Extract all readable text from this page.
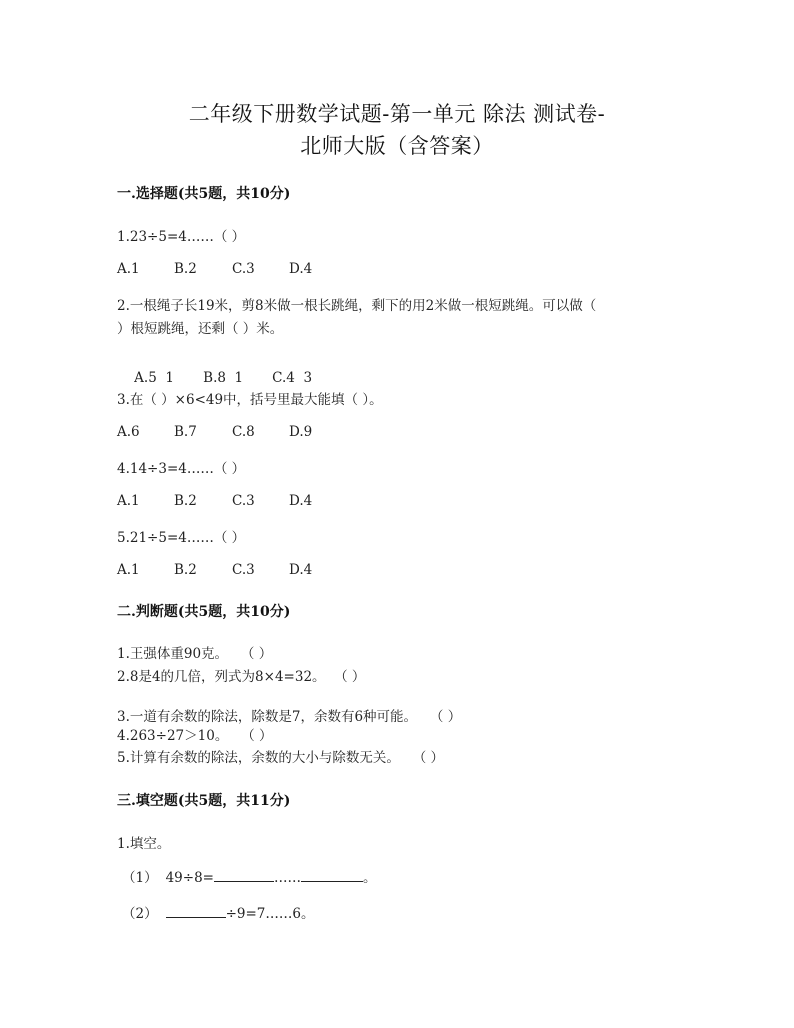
二年级下册数学试题-第一单元 除法 测试卷-
北师大版（含答案）
一.选择题(共5题，共10分)
1.23÷5=4……（ ）
A.1	B.2	C.3	D.4
2.一根绳子长19米，剪8米做一根长跳绳，剩下的用2米做一根短跳绳。可以做（
）根短跳绳，还剩（ ）米。

A.5  1 B.8  1 C.4  3

3.在（ ）×6<49中，括号里最大能填（ ）。
A.6	B.7	C.8	D.9
4.14÷3=4……（ ）
A.1	B.2	C.3	D.4
5.21÷5=4……（ ）
A.1	B.2	C.3	D.4
二.判断题(共5题，共10分)
1.王强体重90克。   （ ）
2.8是4的几倍，列式为8×4=32。  （ ）
3.一道有余数的除法，除数是7，余数有6种可能。   （ ）
4.263÷27＞10。   （ ）
5.计算有余数的除法，余数的大小与除数无关。   （ ）
三.填空题(共5题，共11分)
1.填空。
（1） 49÷8=	……	。
（2）	÷9=7……6。
